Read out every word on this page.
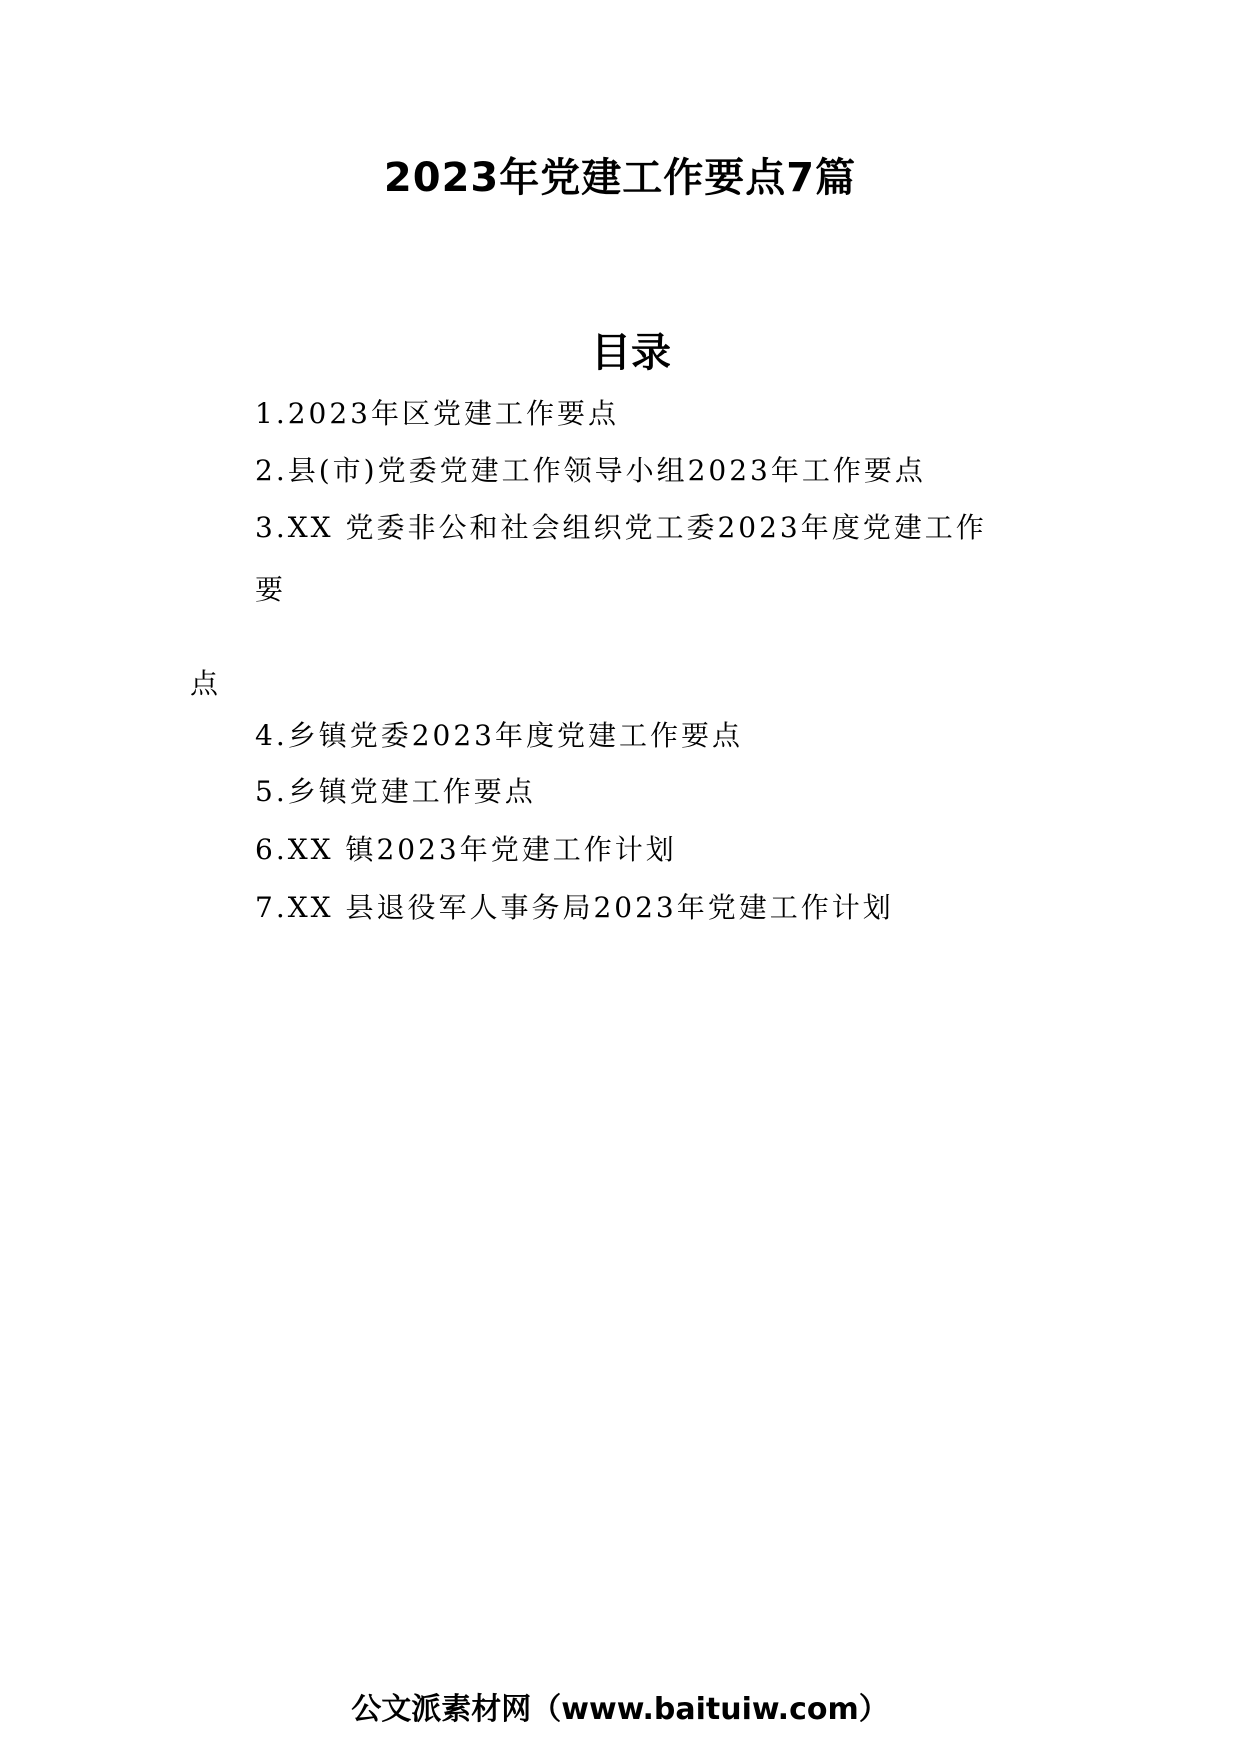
2023年党建工作要点7篇
目录

1.2023年区党建工作要点

2.县(市)党委党建工作领导小组2023年工作要点

3.XX 党委非公和社会组织党工委2023年度党建工作

要

点

4.乡镇党委2023年度党建工作要点

5.乡镇党建工作要点

6.XX 镇2023年党建工作计划

7.XX 县退役军人事务局2023年党建工作计划

公文派素材网（www.baituiw.com）
